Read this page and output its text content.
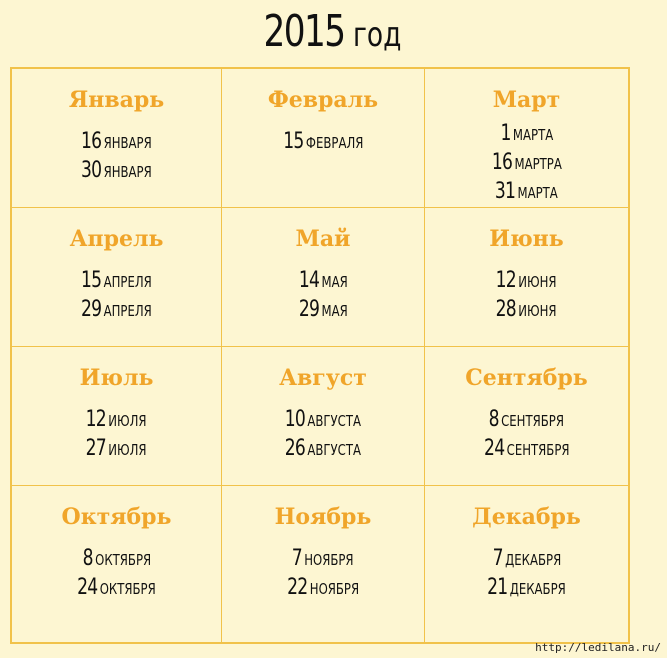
2015 год
Январь
16 ЯНВАРЯ
30 ЯНВАРЯ
Февраль
15 ФЕВРАЛЯ
Март
1 МАРТА
16 МАРТРА
31 МАРТА
Апрель
15 АПРЕЛЯ
29 АПРЕЛЯ
Май
14 МАЯ
29 МАЯ
Июнь
12 ИЮНЯ
28 ИЮНЯ
Июль
12 ИЮЛЯ
27 ИЮЛЯ
Август
10 АВГУСТА
26 АВГУСТА
Сентябрь
8 СЕНТЯБРЯ
24 СЕНТЯБРЯ
Октябрь
8 ОКТЯБРЯ
24 ОКТЯБРЯ
Ноябрь
7 НОЯБРЯ
22 НОЯБРЯ
Декабрь
7 ДЕКАБРЯ
21 ДЕКАБРЯ
http://ledilana.ru/
